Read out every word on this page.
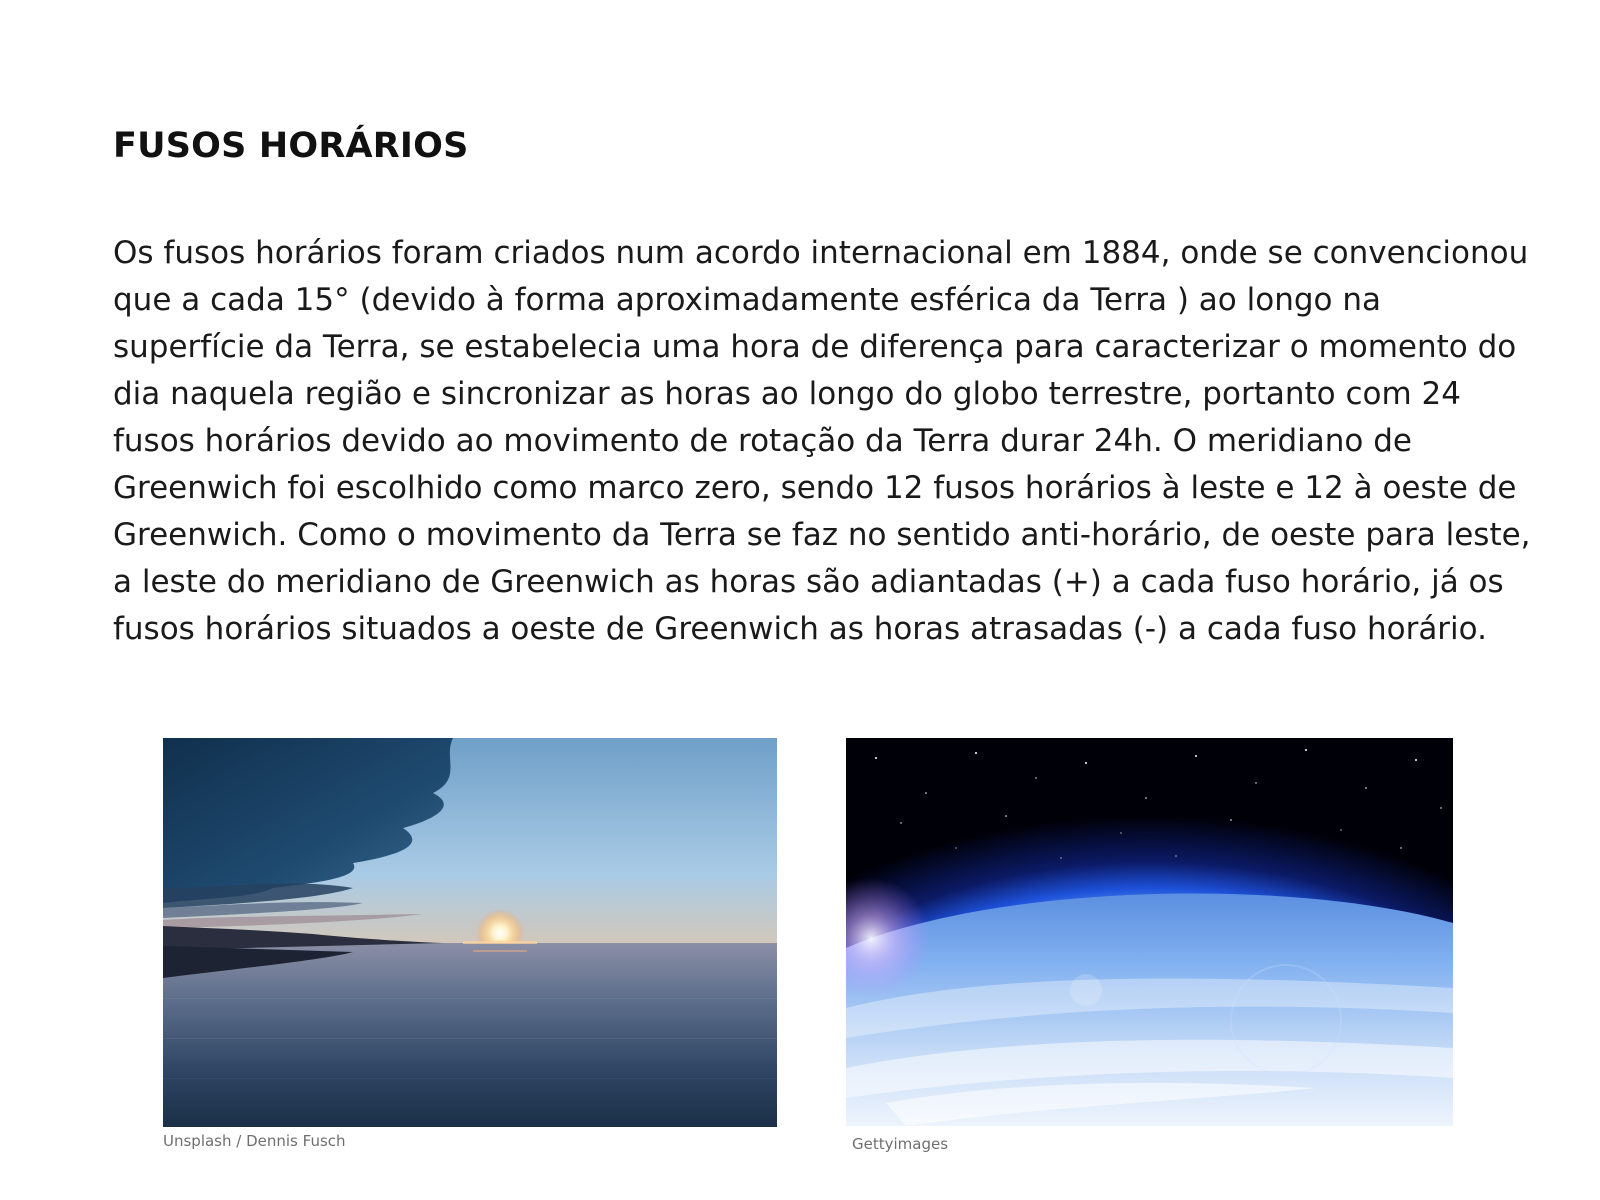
FUSOS HORÁRIOS

Os fusos horários foram criados num acordo internacional em 1884, onde se convencionou que a cada 15° (devido à forma aproximadamente esférica da Terra ) ao longo na superfície da Terra, se estabelecia uma hora de diferença para caracterizar o momento do dia naquela região e sincronizar as horas ao longo do globo terrestre, portanto com 24 fusos horários devido ao movimento de rotação da Terra durar 24h. O meridiano de Greenwich foi escolhido como marco zero, sendo 12 fusos horários à leste e 12 à oeste de Greenwich. Como o movimento da Terra se faz no sentido anti-horário, de oeste para leste, a leste do meridiano de Greenwich as horas são adiantadas (+) a cada fuso horário, já os fusos horários situados a oeste de Greenwich as horas atrasadas (-) a cada fuso horário.

Unsplash / Dennis Fusch	Gettyimages
